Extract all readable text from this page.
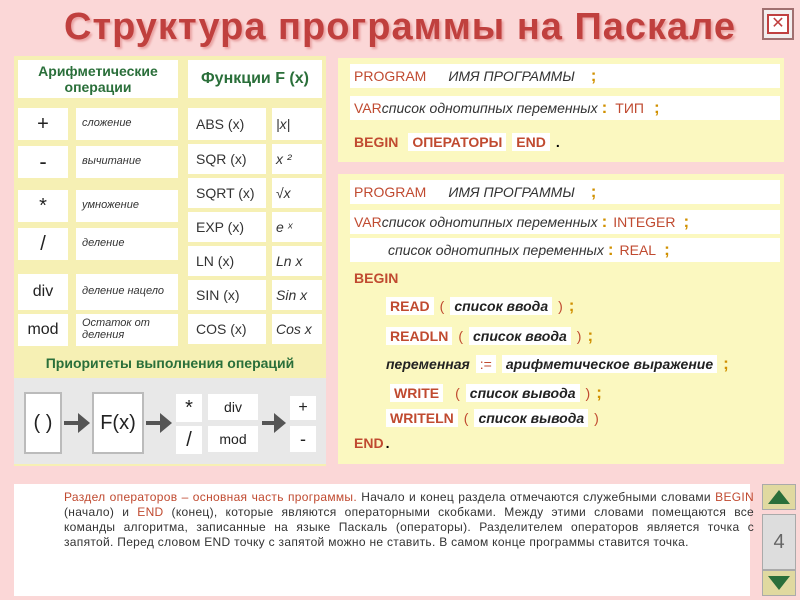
Структура программы на Паскале	✕
Арифметические операции	Функции F (x)
+	сложение
-	вычитание
*	умножение
/	деление
div	деление нацело
mod	Остаток от деления
ABS (x)	|x|
SQR (x)	x ²
SQRT (x)	√x
EXP (x)	e ˣ
LN (x)	Ln x
SIN (x)	Sin x
COS (x)	Cos x
Приоритеты выполнения операций
( )	F(x)
*
/
div
mod
+
-
PROGRAM ИМЯ ПРОГРАММЫ ;
VAR список однотипных переменных : ТИП ;
BEGIN ОПЕРАТОРЫ END .
PROGRAM ИМЯ ПРОГРАММЫ ;
VAR список однотипных переменных : INTEGER ;
список однотипных переменных : REAL ;
BEGIN
READ ( список ввода ) ;
READLN ( список ввода ) ;
переменная := арифметическое выражение ;
WRITE ( список вывода ) ;
WRITELN ( список вывода )
END .
Раздел операторов – основная часть программы. Начало и конец раздела отмечаются служебными словами BEGIN (начало) и END (конец), которые являются операторными скобками. Между этими словами помещаются все команды алгоритма, записанные на языке Паскаль (операторы). Разделителем операторов является точка с запятой. Перед словом END точку с запятой можно не ставить. В самом конце программы ставится точка.	4
